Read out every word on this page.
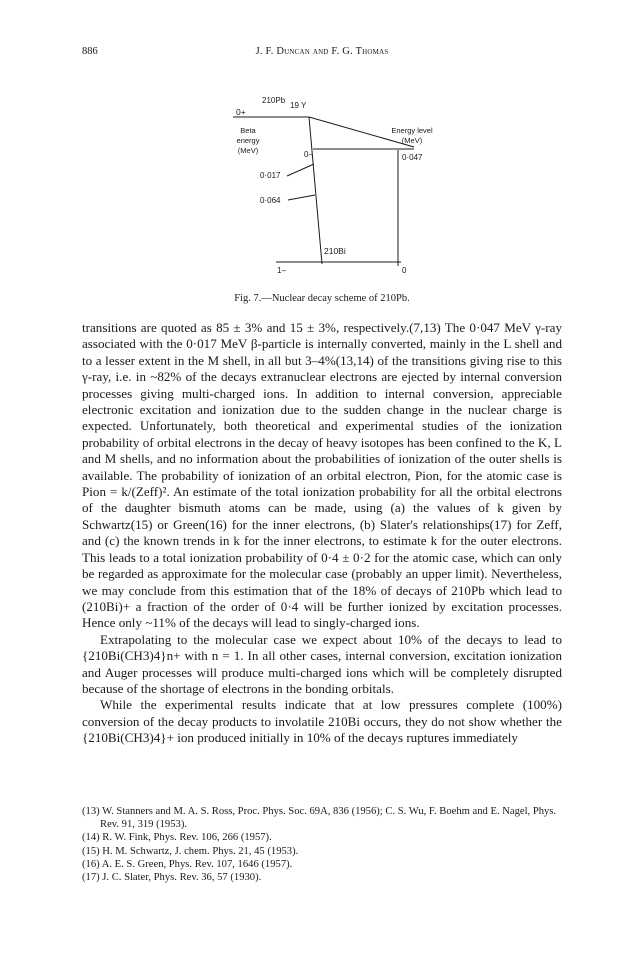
886	J. F. Duncan and F. G. Thomas
0+
210Pb
19 Y
Beta
energy
(MeV)
Energy level
(MeV)
0–	0·047
0·017
0·064
210Bi
1–	0
Fig. 7.—Nuclear decay scheme of 210Pb.

transitions are quoted as 85 ± 3% and 15 ± 3%, respectively.(7,13) The 0·047 MeV γ-ray associated with the 0·017 MeV β-particle is internally converted, mainly in the L shell and to a lesser extent in the M shell, in all but 3–4%(13,14) of the transitions giving rise to this γ-ray, i.e. in ~82% of the decays extranuclear electrons are ejected by internal conversion processes giving multi-charged ions. In addition to internal conversion, appreciable electronic excitation and ionization due to the sudden change in the nuclear charge is expected. Unfortunately, both theoretical and experimental studies of the ionization probability of orbital electrons in the decay of heavy isotopes has been confined to the K, L and M shells, and no information about the probabilities of ionization of the outer shells is available. The probability of ionization of an orbital electron, Pion, for the atomic case is Pion = k/(Zeff)². An estimate of the total ionization probability for all the orbital electrons of the daughter bismuth atoms can be made, using (a) the values of k given by Schwartz(15) or Green(16) for the inner electrons, (b) Slater's relationships(17) for Zeff, and (c) the known trends in k for the inner electrons, to estimate k for the outer electrons. This leads to a total ionization probability of 0·4 ± 0·2 for the atomic case, which can only be regarded as approximate for the molecular case (probably an upper limit). Nevertheless, we may conclude from this estimation that of the 18% of decays of 210Pb which lead to (210Bi)+ a fraction of the order of 0·4 will be further ionized by excitation processes. Hence only ~11% of the decays will lead to singly-charged ions.

Extrapolating to the molecular case we expect about 10% of the decays to lead to {210Bi(CH3)4}n+ with n = 1. In all other cases, internal conversion, excitation ionization and Auger processes will produce multi-charged ions which will be completely disrupted because of the shortage of electrons in the bonding orbitals.

While the experimental results indicate that at low pressures complete (100%) conversion of the decay products to involatile 210Bi occurs, they do not show whether the {210Bi(CH3)4}+ ion produced initially in 10% of the decays ruptures immediately

(13) W. Stanners and M. A. S. Ross, Proc. Phys. Soc. 69A, 836 (1956); C. S. Wu, F. Boehm and E. Nagel, Phys. Rev. 91, 319 (1953).

(14) R. W. Fink, Phys. Rev. 106, 266 (1957).

(15) H. M. Schwartz, J. chem. Phys. 21, 45 (1953).

(16) A. E. S. Green, Phys. Rev. 107, 1646 (1957).

(17) J. C. Slater, Phys. Rev. 36, 57 (1930).
